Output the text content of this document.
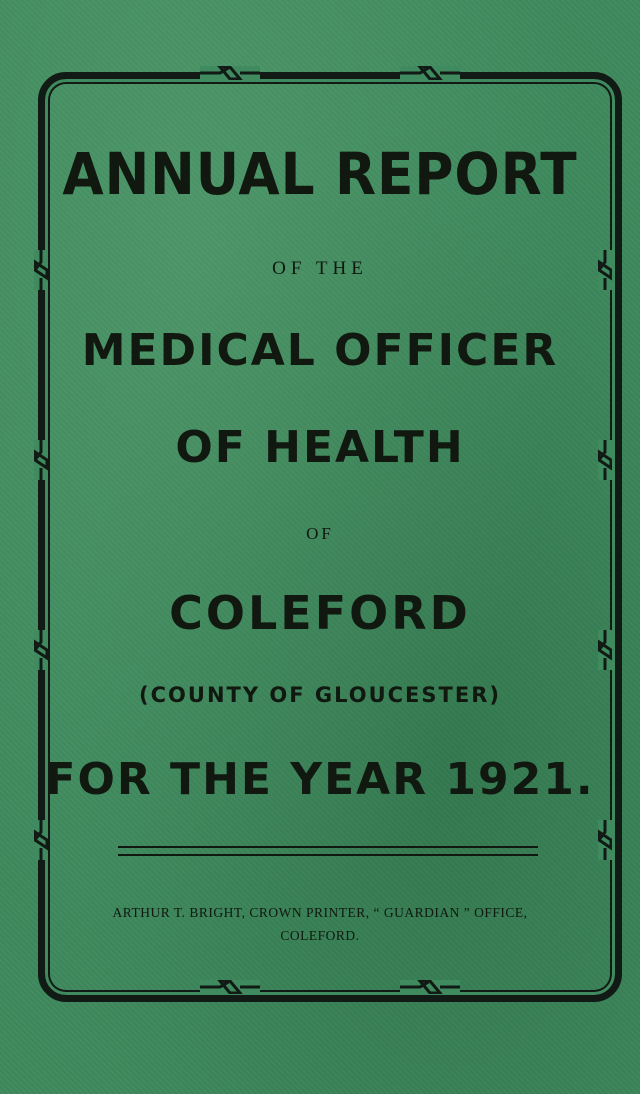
ANNUAL REPORT

OF THE

MEDICAL OFFICER
OF HEALTH

OF

COLEFORD

(COUNTY OF GLOUCESTER)

FOR THE YEAR 1921.

ARTHUR T. BRIGHT, CROWN PRINTER, “ GUARDIAN ” OFFICE,

COLEFORD.
